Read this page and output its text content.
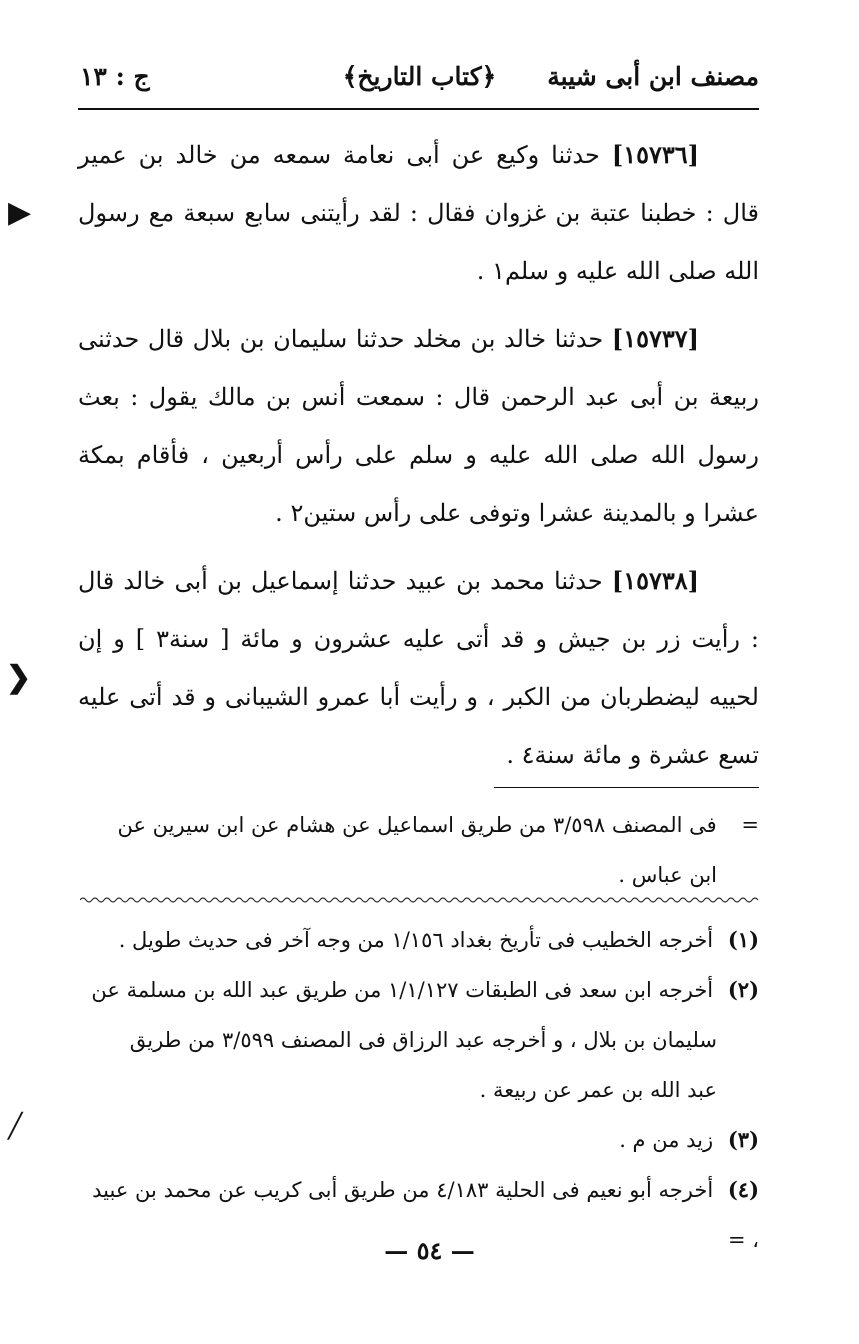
مصنف ابن أبى شيبة
﴿كتاب التاريخ﴾
ج : ١٣

[١٥٧٣٦] حدثنا وكيع عن أبى نعامة سمعه من خالد بن عمير قال : خطبنا عتبة بن غزوان فقال : لقد رأيتنى سابع سبعة مع رسول الله صلى الله عليه و سلم١ .

[١٥٧٣٧] حدثنا خالد بن مخلد حدثنا سليمان بن بلال قال حدثنى ربيعة بن أبى عبد الرحمن قال : سمعت أنس بن مالك يقول : بعث رسول الله صلى الله عليه و سلم على رأس أربعين ، فأقام بمكة عشرا و بالمدينة عشرا وتوفى على رأس ستين٢ .

[١٥٧٣٨] حدثنا محمد بن عبيد حدثنا إسماعيل بن أبى خالد قال : رأيت زر بن جيش و قد أتى عليه عشرون و مائة [ سنة٣ ] و إن لحييه ليضطربان من الكبر ، و رأيت أبا عمرو الشيبانى و قد أتى عليه تسع عشرة و مائة سنة٤ .

= فى المصنف ٣/٥٩٨ من طريق اسماعيل عن هشام عن ابن سيرين عن

ابن عباس .

(١) أخرجه الخطيب فى تأريخ بغداد ١/١٥٦ من وجه آخر فى حديث طويل .

(٢) أخرجه ابن سعد فى الطبقات ١/١/١٢٧ من طريق عبد الله بن مسلمة عن

سليمان بن بلال ، و أخرجه عبد الرزاق فى المصنف ٣/٥٩٩ من طريق

عبد الله بن عمر عن ربيعة .

(٣) زيد من م .

(٤) أخرجه أبو نعيم فى الحلية ٤/١٨٣ من طريق أبى كريب عن محمد بن عبيد ، =

— ٥٤ —
▶
❯
╱
